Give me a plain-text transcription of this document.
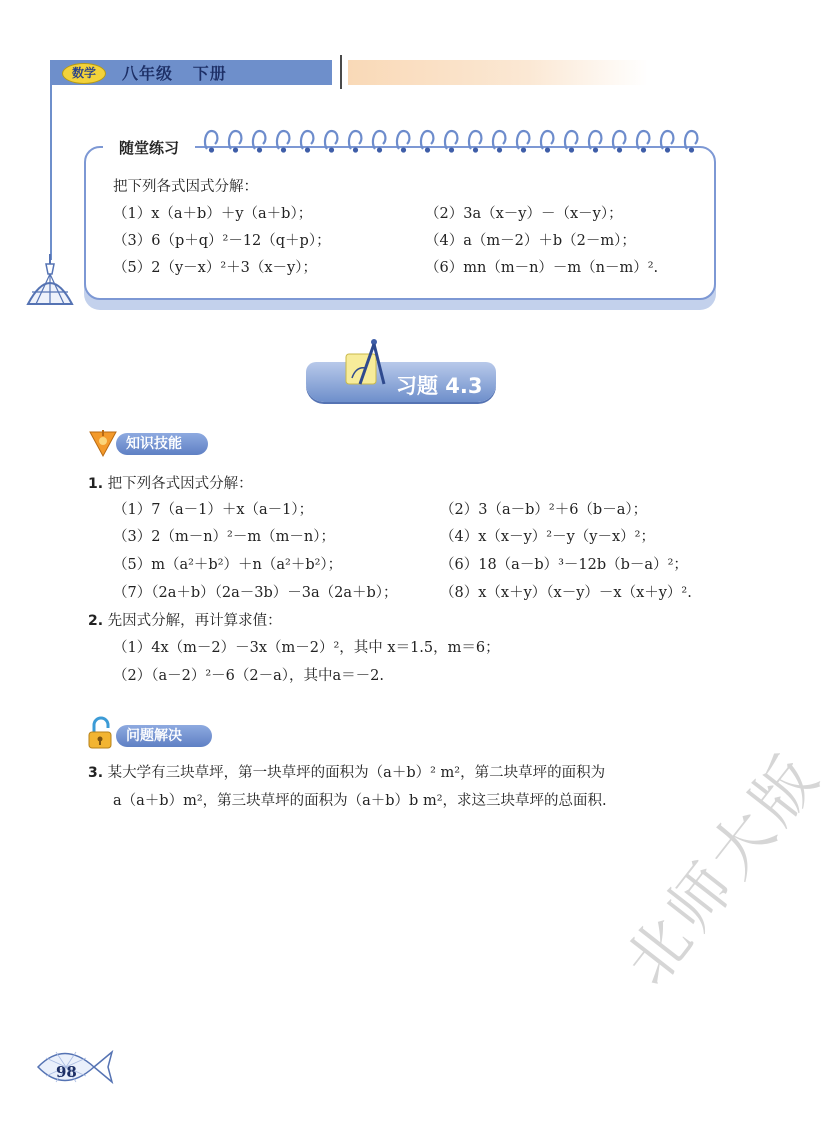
数学	八年级 下册
随堂练习
把下列各式因式分解：
（1）x（a＋b）＋y（a＋b）；	（2）3a（x－y）－（x－y）；
（3）6（p＋q）²－12（q＋p）；	（4）a（m－2）＋b（2－m）；
（5）2（y－x）²＋3（x－y）；	（6）mn（m－n）－m（n－m）².
习题 4.3
知识技能
1. 把下列各式因式分解：
（1）7（a－1）＋x（a－1）；	（2）3（a－b）²＋6（b－a）；
（3）2（m－n）²－m（m－n）；	（4）x（x－y）²－y（y－x）²；
（5）m（a²＋b²）＋n（a²＋b²）；	（6）18（a－b）³－12b（b－a）²；
（7）（2a＋b）（2a－3b）－3a（2a＋b）；	（8）x（x＋y）（x－y）－x（x＋y）².
2. 先因式分解，再计算求值：
（1）4x（m－2）－3x（m－2）²，其中 x＝1.5，m＝6；
（2）（a－2）²－6（2－a），其中a＝－2.
问题解决
3. 某大学有三块草坪，第一块草坪的面积为（a＋b）² m²，第二块草坪的面积为
a（a＋b）m²，第三块草坪的面积为（a＋b）b m²，求这三块草坪的总面积.
98
北师大版
